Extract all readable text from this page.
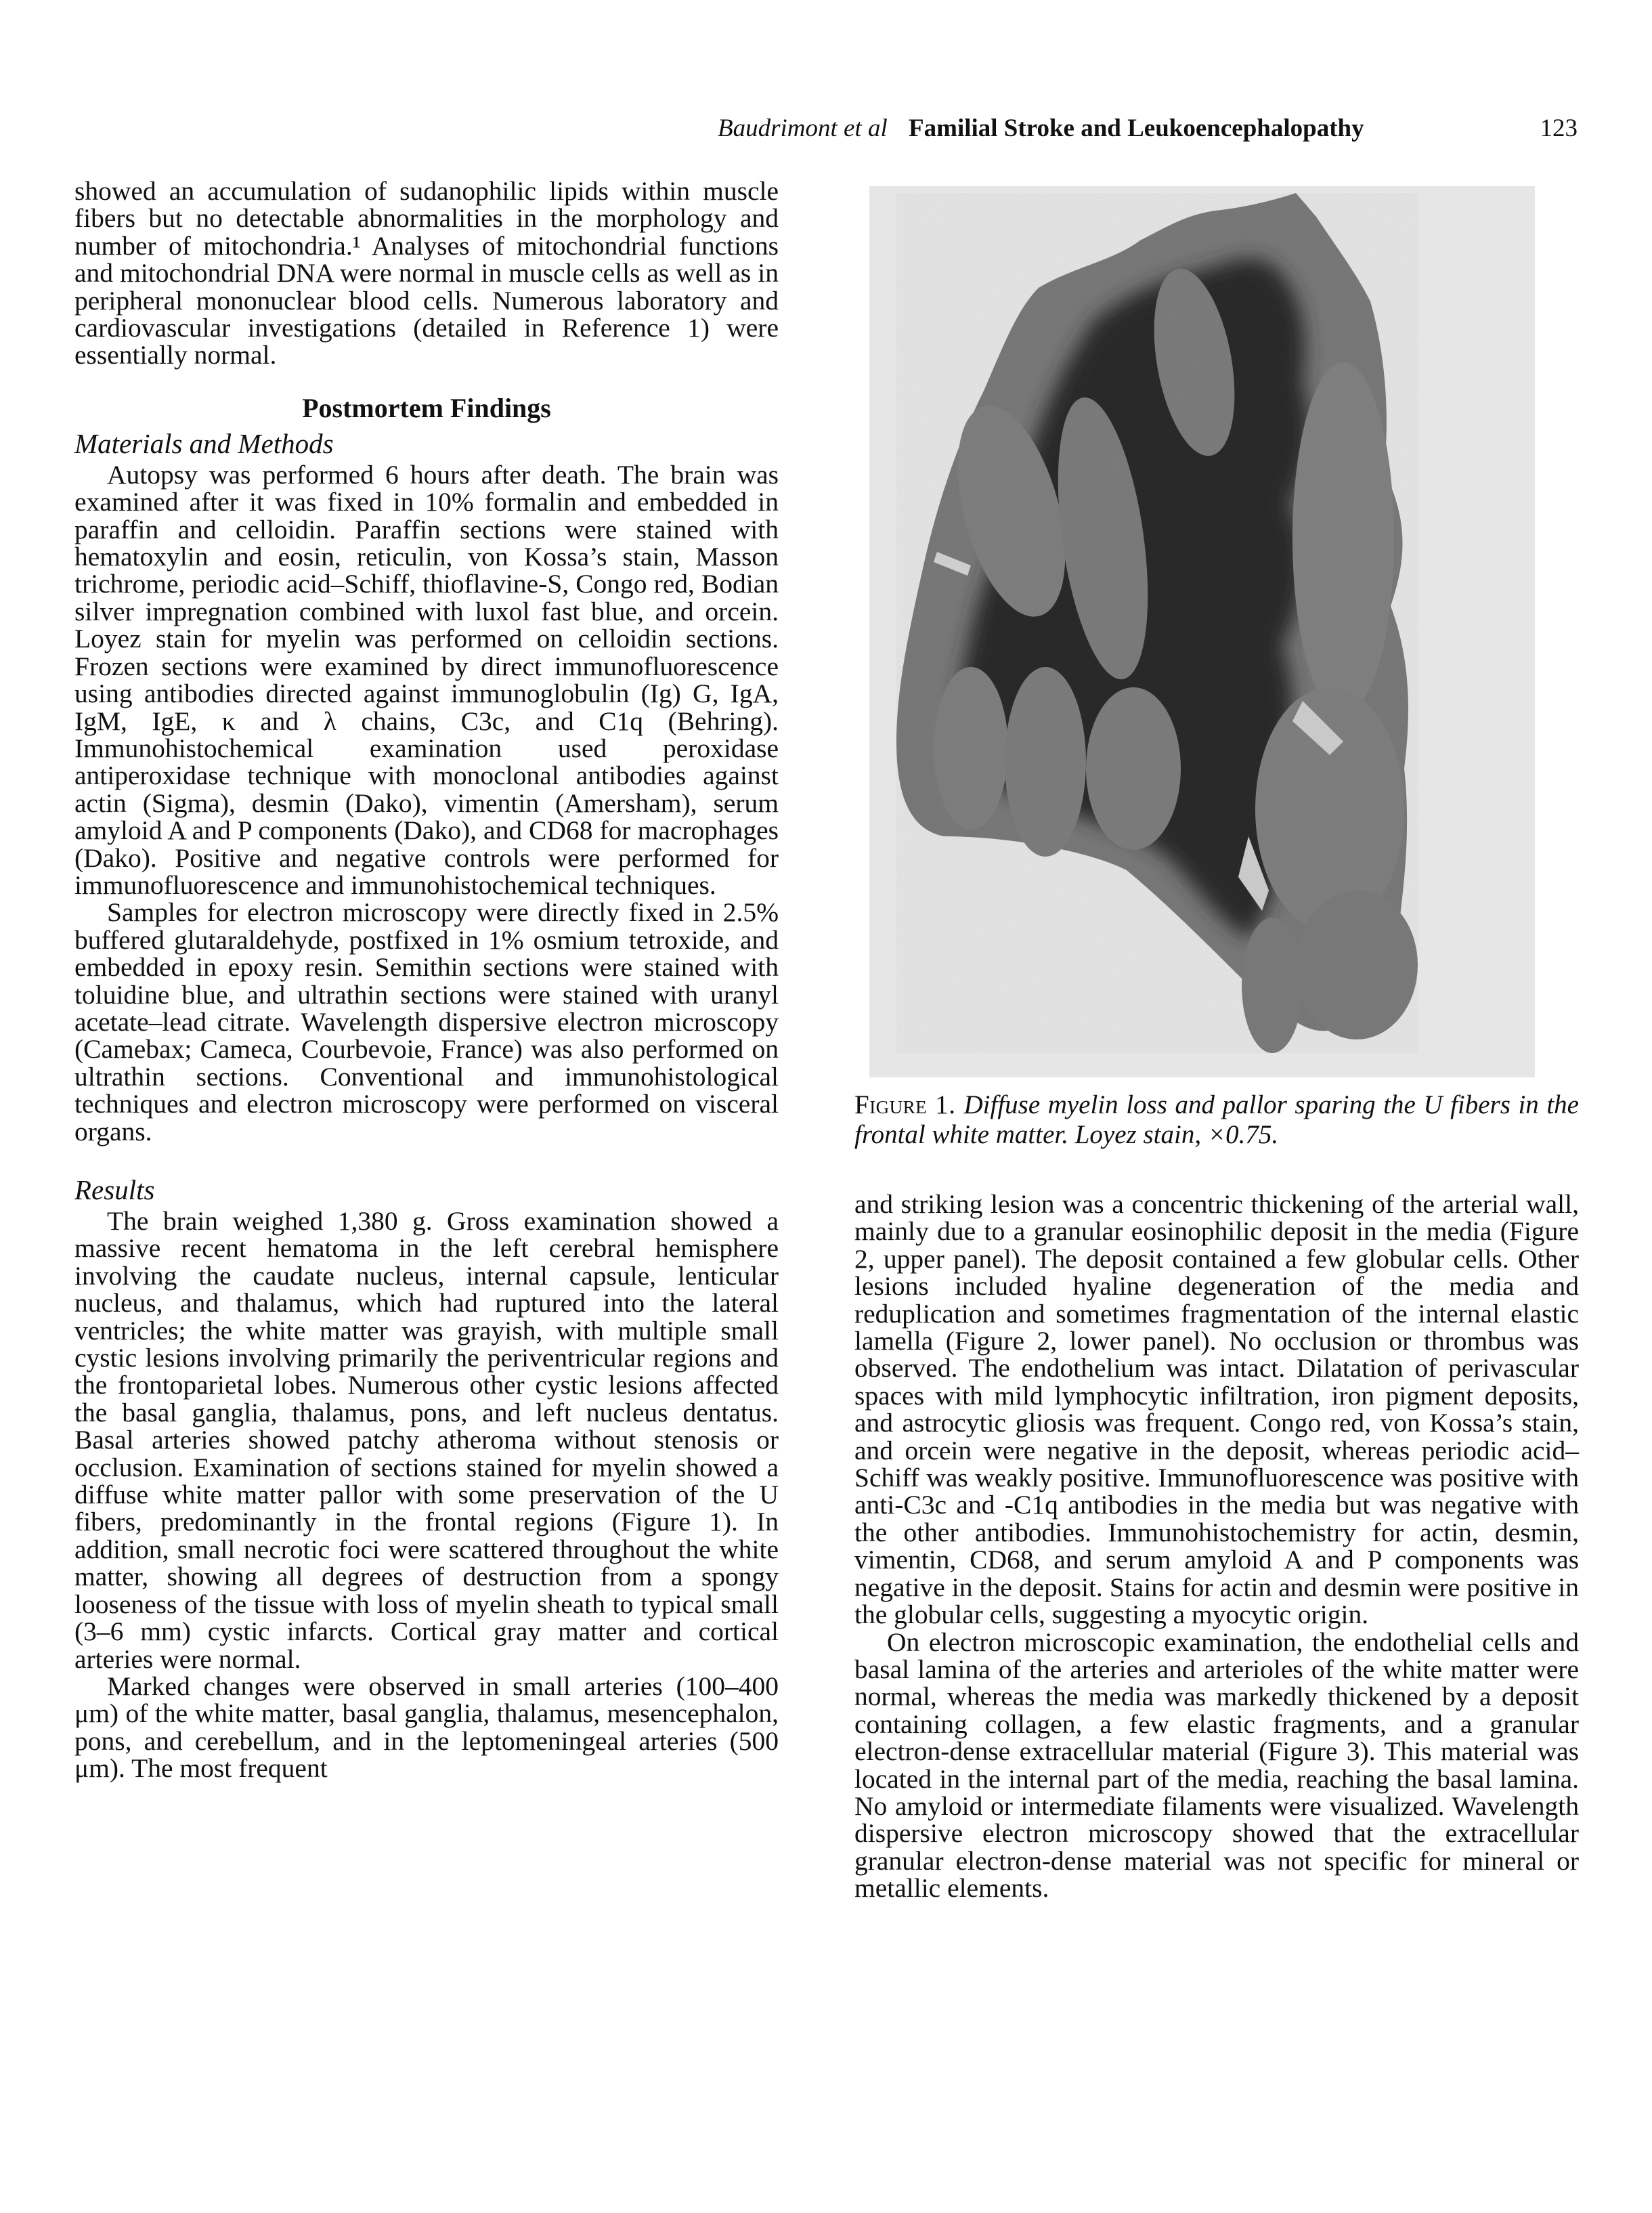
Baudrimont et al Familial Stroke and Leukoencephalopathy	123

showed an accumulation of sudanophilic lipids within muscle fibers but no detectable abnormalities in the morphology and number of mitochondria.¹ Analyses of mitochondrial functions and mitochondrial DNA were normal in muscle cells as well as in peripheral mononuclear blood cells. Numerous laboratory and cardiovascular investigations (detailed in Reference 1) were essentially normal.

Postmortem Findings
Materials and Methods

Autopsy was performed 6 hours after death. The brain was examined after it was fixed in 10% formalin and embedded in paraffin and celloidin. Paraffin sections were stained with hematoxylin and eosin, reticulin, von Kossa’s stain, Masson trichrome, periodic acid–Schiff, thioflavine-S, Congo red, Bodian silver impregnation combined with luxol fast blue, and orcein. Loyez stain for myelin was performed on celloidin sections. Frozen sections were examined by direct immunofluorescence using antibodies directed against immunoglobulin (Ig) G, IgA, IgM, IgE, κ and λ chains, C3c, and C1q (Behring). Immunohistochemical examination used peroxidase antiperoxidase technique with monoclonal antibodies against actin (Sigma), desmin (Dako), vimentin (Amersham), serum amyloid A and P components (Dako), and CD68 for macrophages (Dako). Positive and negative controls were performed for immunofluorescence and immunohistochemical techniques.

Samples for electron microscopy were directly fixed in 2.5% buffered glutaraldehyde, postfixed in 1% osmium tetroxide, and embedded in epoxy resin. Semithin sections were stained with toluidine blue, and ultrathin sections were stained with uranyl acetate–lead citrate. Wavelength dispersive electron microscopy (Camebax; Cameca, Courbevoie, France) was also performed on ultrathin sections. Conventional and immunohistological techniques and electron microscopy were performed on visceral organs.

Results

The brain weighed 1,380 g. Gross examination showed a massive recent hematoma in the left cerebral hemisphere involving the caudate nucleus, internal capsule, lenticular nucleus, and thalamus, which had ruptured into the lateral ventricles; the white matter was grayish, with multiple small cystic lesions involving primarily the periventricular regions and the frontoparietal lobes. Numerous other cystic lesions affected the basal ganglia, thalamus, pons, and left nucleus dentatus. Basal arteries showed patchy atheroma without stenosis or occlusion. Examination of sections stained for myelin showed a diffuse white matter pallor with some preservation of the U fibers, predominantly in the frontal regions (Figure 1). In addition, small necrotic foci were scattered throughout the white matter, showing all degrees of destruction from a spongy looseness of the tissue with loss of myelin sheath to typical small (3–6 mm) cystic infarcts. Cortical gray matter and cortical arteries were normal.

Marked changes were observed in small arteries (100–400 μm) of the white matter, basal ganglia, thalamus, mesencephalon, pons, and cerebellum, and in the leptomeningeal arteries (500 μm). The most frequent

Figure 1. Diffuse myelin loss and pallor sparing the U fibers in the frontal white matter. Loyez stain, ×0.75.

and striking lesion was a concentric thickening of the arterial wall, mainly due to a granular eosinophilic deposit in the media (Figure 2, upper panel). The deposit contained a few globular cells. Other lesions included hyaline degeneration of the media and reduplication and sometimes fragmentation of the internal elastic lamella (Figure 2, lower panel). No occlusion or thrombus was observed. The endothelium was intact. Dilatation of perivascular spaces with mild lymphocytic infiltration, iron pigment deposits, and astrocytic gliosis was frequent. Congo red, von Kossa’s stain, and orcein were negative in the deposit, whereas periodic acid–Schiff was weakly positive. Immunofluorescence was positive with anti-C3c and -C1q antibodies in the media but was negative with the other antibodies. Immunohistochemistry for actin, desmin, vimentin, CD68, and serum amyloid A and P components was negative in the deposit. Stains for actin and desmin were positive in the globular cells, suggesting a myocytic origin.

On electron microscopic examination, the endothelial cells and basal lamina of the arteries and arterioles of the white matter were normal, whereas the media was markedly thickened by a deposit containing collagen, a few elastic fragments, and a granular electron-dense extracellular material (Figure 3). This material was located in the internal part of the media, reaching the basal lamina. No amyloid or intermediate filaments were visualized. Wavelength dispersive electron microscopy showed that the extracellular granular electron-dense material was not specific for mineral or metallic elements.
